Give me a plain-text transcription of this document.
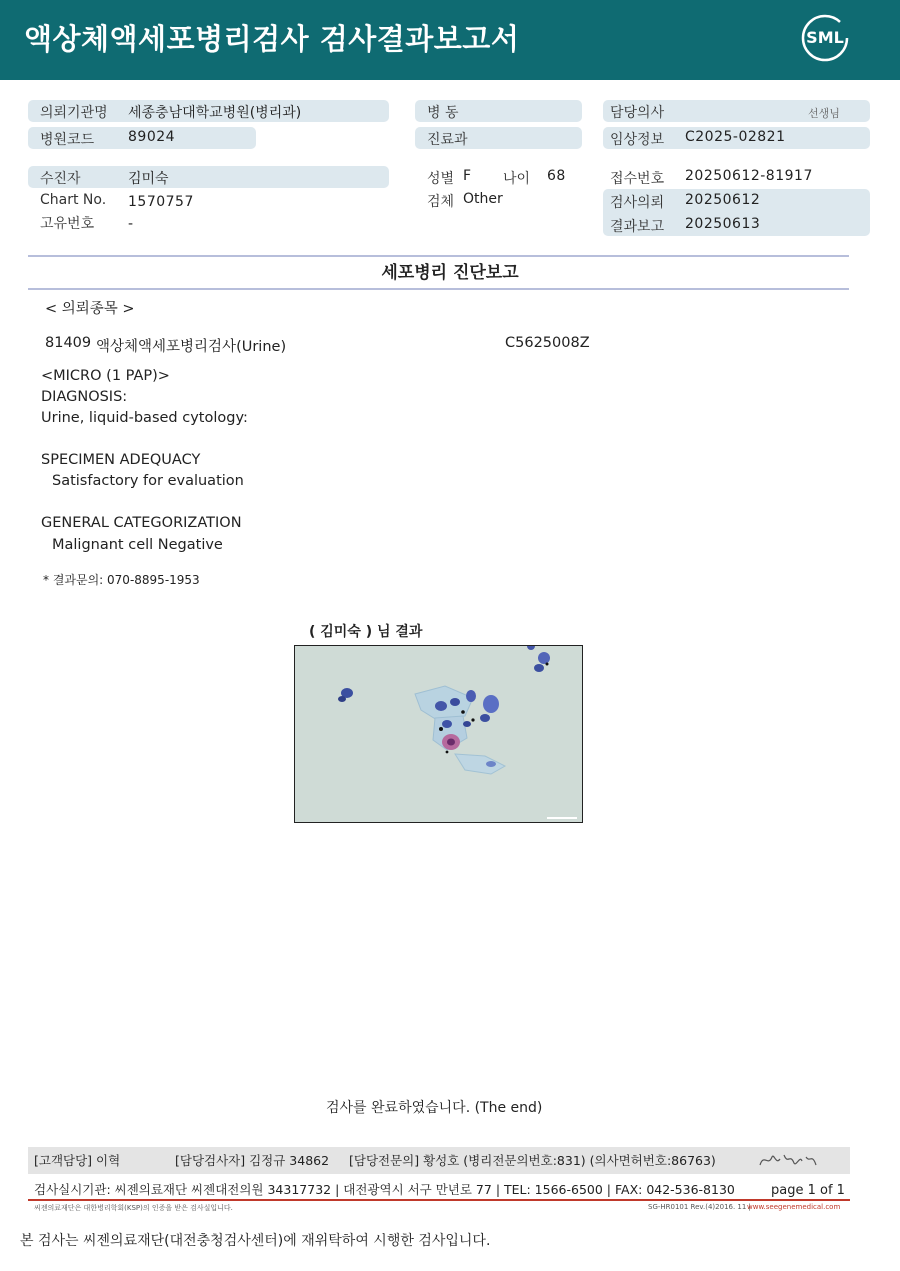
액상체액세포병리검사 검사결과보고서	SML
의뢰기관명 세종충남대학교병원(병리과)
병원코드 89024
병 동
진료과
담당의사	선생님
임상정보 C2025-02821
수진자	김미숙
Chart No. 1570757
고유번호 -
성별 F 나이 68
검체 Other
접수번호 20250612-81917
검사의뢰 20250612
결과보고 20250613
세포병리 진단보고
< 의뢰종목 >
81409 액상체액세포병리검사(Urine)	C5625008Z
<MICRO (1 PAP)>
DIAGNOSIS:
Urine, liquid-based cytology:
SPECIMEN ADEQUACY
Satisfactory for evaluation
GENERAL CATEGORIZATION
Malignant cell Negative
* 결과문의: 070-8895-1953
( 김미숙 ) 님 결과
검사를 완료하였습니다. (The end)
[고객담당] 이혁	[담당검사자] 김정규 34862 [담당전문의] 황성호 (병리전문의번호:831) (의사면허번호:86763)
검사실시기관: 씨젠의료재단 씨젠대전의원 34317732 | 대전광역시 서구 만년로 77 | TEL: 1566-6500 | FAX: 042-536-8130	page 1 of 1
씨젠의료재단은 대한병리학회(KSP)의 인증을 받은 검사실입니다.	SG-HR0101 Rev.(4)2016. 11 |
www.seegenemedical.com
본 검사는 씨젠의료재단(대전충청검사센터)에 재위탁하여 시행한 검사입니다.
